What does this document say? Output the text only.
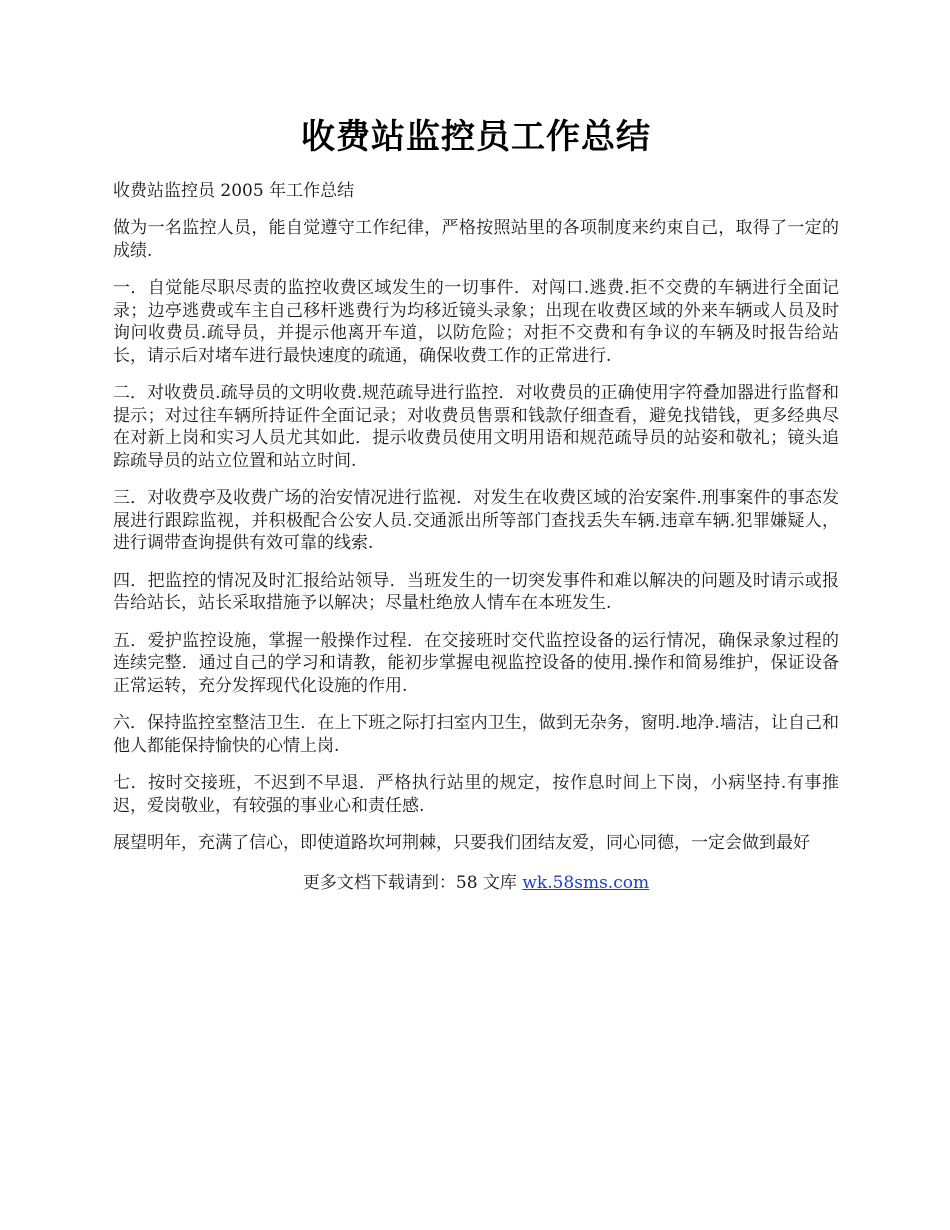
收费站监控员工作总结

收费站监控员 2005 年工作总结

做为一名监控人员，能自觉遵守工作纪律，严格按照站里的各项制度来约束自己，取得了一定的成绩.

一．自觉能尽职尽责的监控收费区域发生的一切事件．对闯口.逃费.拒不交费的车辆进行全面记录；边亭逃费或车主自己移杆逃费行为均移近镜头录象；出现在收费区域的外来车辆或人员及时询问收费员.疏导员，并提示他离开车道，以防危险；对拒不交费和有争议的车辆及时报告给站长，请示后对堵车进行最快速度的疏通，确保收费工作的正常进行.

二．对收费员.疏导员的文明收费.规范疏导进行监控．对收费员的正确使用字符叠加器进行监督和提示；对过往车辆所持证件全面记录；对收费员售票和钱款仔细查看，避免找错钱，更多经典尽在对新上岗和实习人员尤其如此．提示收费员使用文明用语和规范疏导员的站姿和敬礼；镜头追踪疏导员的站立位置和站立时间.

三．对收费亭及收费广场的治安情况进行监视．对发生在收费区域的治安案件.刑事案件的事态发展进行跟踪监视，并积极配合公安人员.交通派出所等部门查找丢失车辆.违章车辆.犯罪嫌疑人，进行调带查询提供有效可靠的线索.

四．把监控的情况及时汇报给站领导．当班发生的一切突发事件和难以解决的问题及时请示或报告给站长，站长采取措施予以解决；尽量杜绝放人情车在本班发生.

五．爱护监控设施，掌握一般操作过程．在交接班时交代监控设备的运行情况，确保录象过程的连续完整．通过自己的学习和请教，能初步掌握电视监控设备的使用.操作和简易维护，保证设备正常运转，充分发挥现代化设施的作用.

六．保持监控室整洁卫生．在上下班之际打扫室内卫生，做到无杂务，窗明.地净.墙洁，让自己和他人都能保持愉快的心情上岗.

七．按时交接班，不迟到不早退．严格执行站里的规定，按作息时间上下岗，小病坚持.有事推迟，爱岗敬业，有较强的事业心和责任感.

展望明年，充满了信心，即使道路坎坷荆棘，只要我们团结友爱，同心同德，一定会做到最好

更多文档下载请到：58 文库 wk.58sms.com
